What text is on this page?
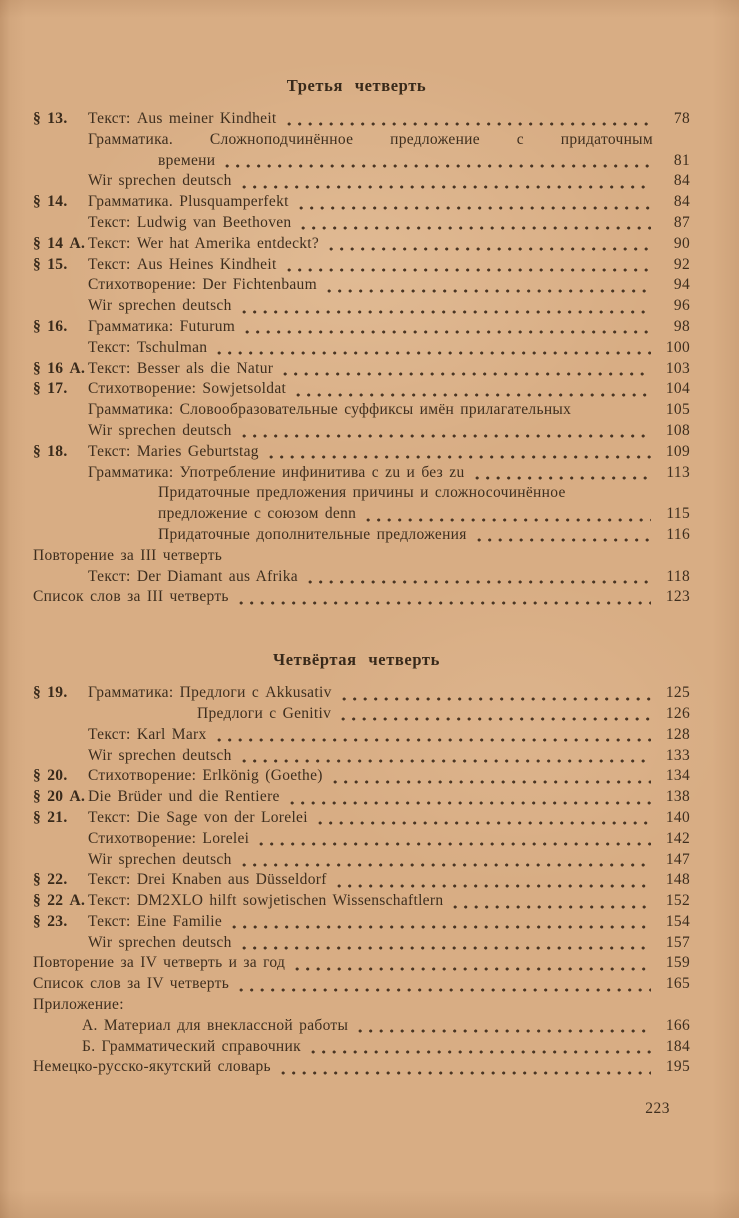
Третья четверть
§ 13.	Текст: Aus meiner Kindheit	78
Грамматика. Сложноподчинённое предложение с придаточным
времени	81
Wir sprechen deutsch	84
§ 14.	Грамматика. Plusquamperfekt	84
Текст: Ludwig van Beethoven	87
§ 14 А. Текст: Wer hat Amerika entdeckt?	90
§ 15.	Текст: Aus Heines Kindheit	92
Стихотворение: Der Fichtenbaum	94
Wir sprechen deutsch	96
§ 16.	Грамматика: Futurum	98
Текст: Tschulman	100
§ 16 А. Текст: Besser als die Natur	103
§ 17.	Стихотворение: Sowjetsoldat	104
Грамматика: Словообразовательные суффиксы имён прилагательных	105
Wir sprechen deutsch	108
§ 18.	Текст: Maries Geburtstag	109
Грамматика: Употребление инфинитива с zu и без zu	113
Придаточные предложения причины и сложносочинённое
предложение с союзом denn	115
Придаточные дополнительные предложения	116
Повторение за III четверть
Текст: Der Diamant aus Afrika	118
Список слов за III четверть	123
Четвёртая четверть
§ 19.	Грамматика: Предлоги с Akkusativ	125
Предлоги с Genitiv	126
Текст: Karl Marx	128
Wir sprechen deutsch	133
§ 20.	Стихотворение: Erlkönig (Goethe)	134
§ 20 А. Die Brüder und die Rentiere	138
§ 21.	Текст: Die Sage von der Lorelei	140
Стихотворение: Lorelei	142
Wir sprechen deutsch	147
§ 22.	Текст: Drei Knaben aus Düsseldorf	148
§ 22 А. Текст: DM2XLO hilft sowjetischen Wissenschaftlern	152
§ 23.	Текст: Eine Familie	154
Wir sprechen deutsch	157
Повторение за IV четверть и за год	159
Список слов за IV четверть	165
Приложение:
А. Материал для внеклассной работы	166
Б. Грамматический справочник	184
Немецко-русско-якутский словарь	195
223
